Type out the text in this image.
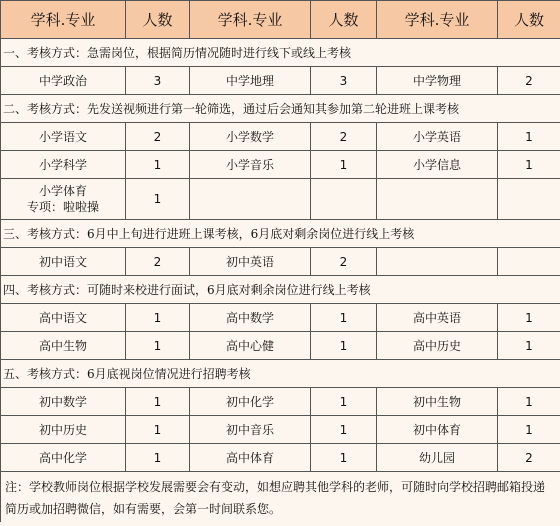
学科.专业	人数	学科.专业	人数	学科.专业	人数
一、考核方式：急需岗位，根据简历情况随时进行线下或线上考核					
中学政治	3	中学地理	3	中学物理	2
二、考核方式：先发送视频进行第一轮筛选，通过后会通知其参加第二轮进班上课考核					
小学语文	2	小学数学	2	小学英语	1
小学科学	1	小学音乐	1	小学信息	1
小学体育
专项：啦啦操	1				
三、考核方式：6月中上旬进行进班上课考核，6月底对剩余岗位进行线上考核					
初中语文	2	初中英语	2		
四、考核方式：可随时来校进行面试，6月底对剩余岗位进行线上考核					
高中语文	1	高中数学	1	高中英语	1
高中生物	1	高中心健	1	高中历史	1
五、考核方式：6月底视岗位情况进行招聘考核					
初中数学	1	初中化学	1	初中生物	1
初中历史	1	初中音乐	1	初中体育	1
高中化学	1	高中体育	1	幼儿园	2
注：学校教师岗位根据学校发展需要会有变动，如想应聘其他学科的老师，可随时向学校招聘邮箱投递简历或加招聘微信，如有需要，会第一时间联系您。					
